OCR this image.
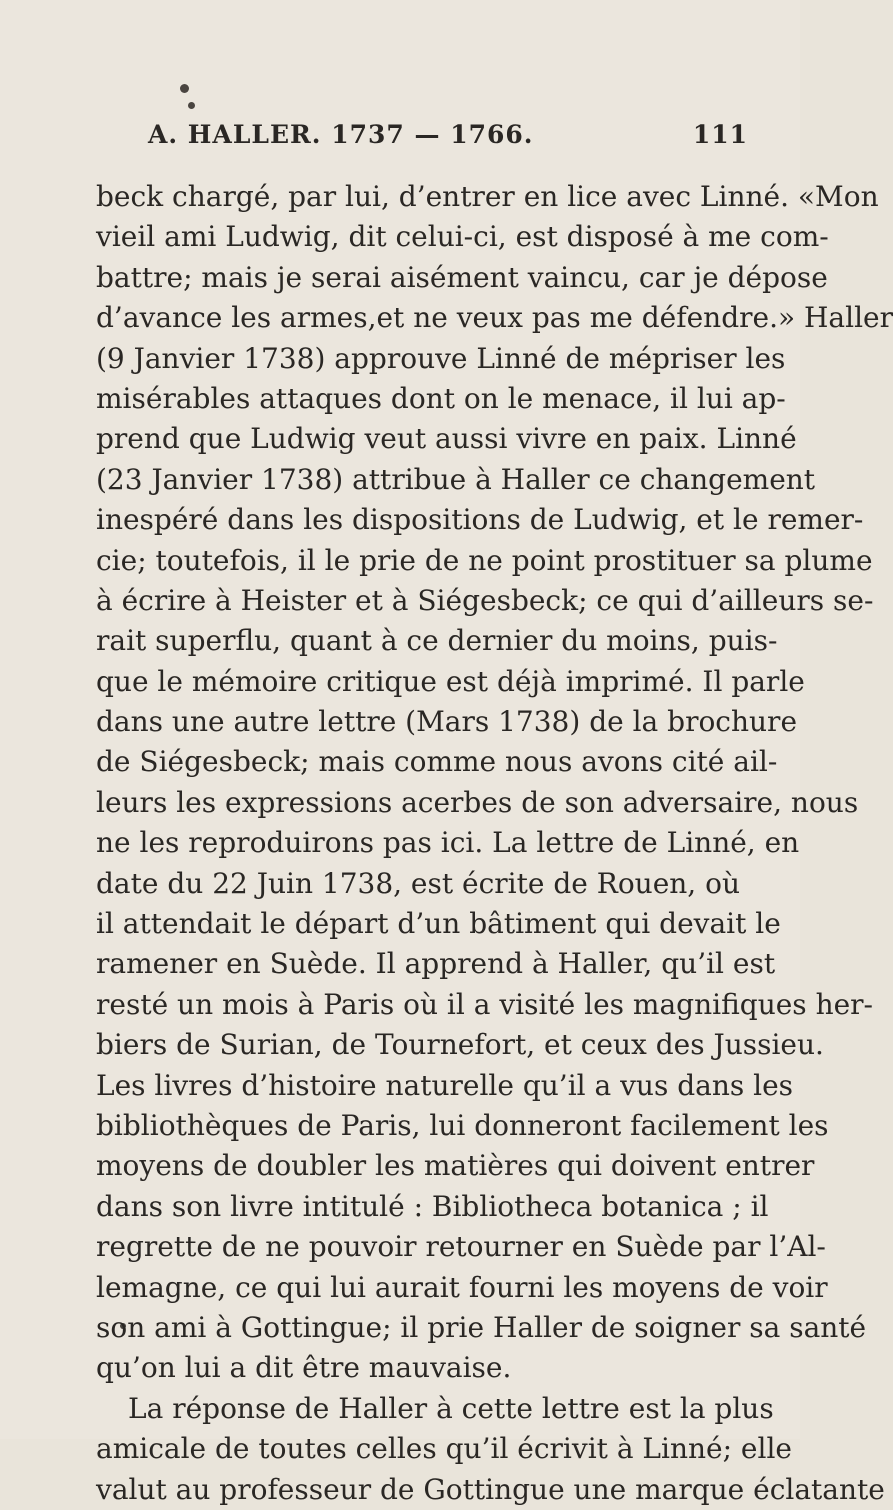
A. HALLER. 1737 — 1766.	111
beck chargé, par lui, d’entrer en lice avec Linné. «Mon
vieil ami Ludwig, dit celui-ci, est disposé à me com-
battre; mais je serai aisément vaincu, car je dépose
d’avance les armes,et ne veux pas me défendre.» Haller
(9 Janvier 1738) approuve Linné de mépriser les
misérables attaques dont on le menace, il lui ap-
prend que Ludwig veut aussi vivre en paix. Linné
(23 Janvier 1738) attribue à Haller ce changement
inespéré dans les dispositions de Ludwig, et le remer-
cie; toutefois, il le prie de ne point prostituer sa plume
à écrire à Heister et à Siégesbeck; ce qui d’ailleurs se-
rait superflu, quant à ce dernier du moins, puis-
que le mémoire critique est déjà imprimé. Il parle
dans une autre lettre (Mars 1738) de la brochure
de Siégesbeck; mais comme nous avons cité ail-
leurs les expressions acerbes de son adversaire, nous
ne les reproduirons pas ici. La lettre de Linné, en
date du 22 Juin 1738, est écrite de Rouen, où
il attendait le départ d’un bâtiment qui devait le
ramener en Suède. Il apprend à Haller, qu’il est
resté un mois à Paris où il a visité les magnifiques her-
biers de Surian, de Tournefort, et ceux des Jussieu.
Les livres d’histoire naturelle qu’il a vus dans les
bibliothèques de Paris, lui donneront facilement les
moyens de doubler les matières qui doivent entrer
dans son livre intitulé : Bibliotheca botanica ; il
regrette de ne pouvoir retourner en Suède par l’Al-
lemagne, ce qui lui aurait fourni les moyens de voir
son ami à Gottingue; il prie Haller de soigner sa santé
qu’on lui a dit être mauvaise.
La réponse de Haller à cette lettre est la plus
amicale de toutes celles qu’il écrivit à Linné; elle
valut au professeur de Gottingue une marque éclatante
